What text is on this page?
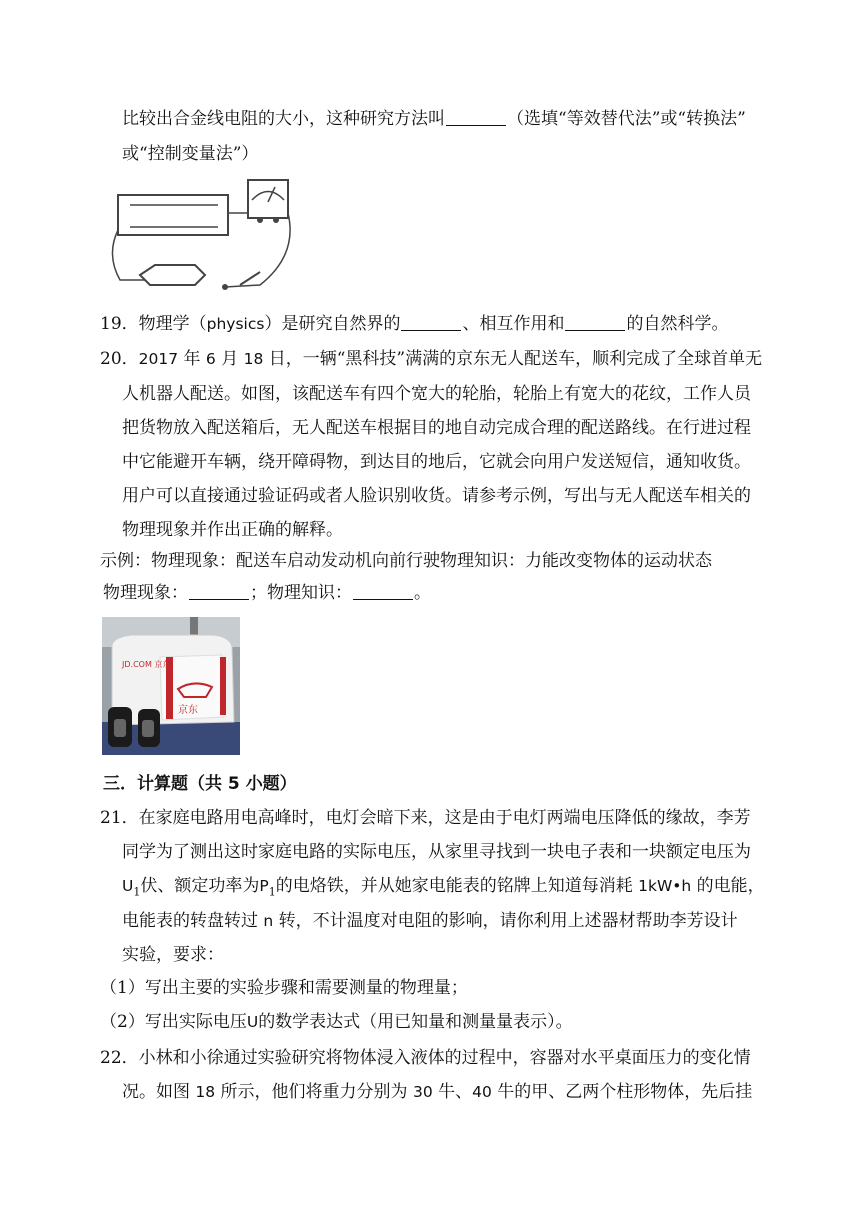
比较出合金线电阻的大小，这种研究方法叫	（选填“等效替代法”或“转换法”
或“控制变量法”）
19．物理学（physics）是研究自然界的	、相互作用和	的自然科学。
20．2017 年 6 月 18 日，一辆“黑科技”满满的京东无人配送车，顺利完成了全球首单无
人机器人配送。如图，该配送车有四个宽大的轮胎，轮胎上有宽大的花纹，工作人员
把货物放入配送箱后，无人配送车根据目的地自动完成合理的配送路线。在行进过程
中它能避开车辆，绕开障碍物，到达目的地后，它就会向用户发送短信，通知收货。
用户可以直接通过验证码或者人脸识别收货。请参考示例，写出与无人配送车相关的
物理现象并作出正确的解释。
示例：物理现象：配送车启动发动机向前行驶物理知识：力能改变物体的运动状态
物理现象：	；物理知识：	。
京东
JD.COM 京东
三．计算题（共 5 小题）
21．在家庭电路用电高峰时，电灯会暗下来，这是由于电灯两端电压降低的缘故，李芳
同学为了测出这时家庭电路的实际电压，从家里寻找到一块电子表和一块额定电压为
$U_1$伏、额定功率为$P_1$的电烙铁，并从她家电能表的铭牌上知道每消耗 1kW•h 的电能，
电能表的转盘转过 n 转，不计温度对电阻的影响，请你利用上述器材帮助李芳设计
实验，要求：
（1）写出主要的实验步骤和需要测量的物理量；
（2）写出实际电压U的数学表达式（用已知量和测量量表示）。
22．小林和小徐通过实验研究将物体浸入液体的过程中，容器对水平桌面压力的变化情
况。如图 18 所示，他们将重力分别为 30 牛、40 牛的甲、乙两个柱形物体，先后挂
